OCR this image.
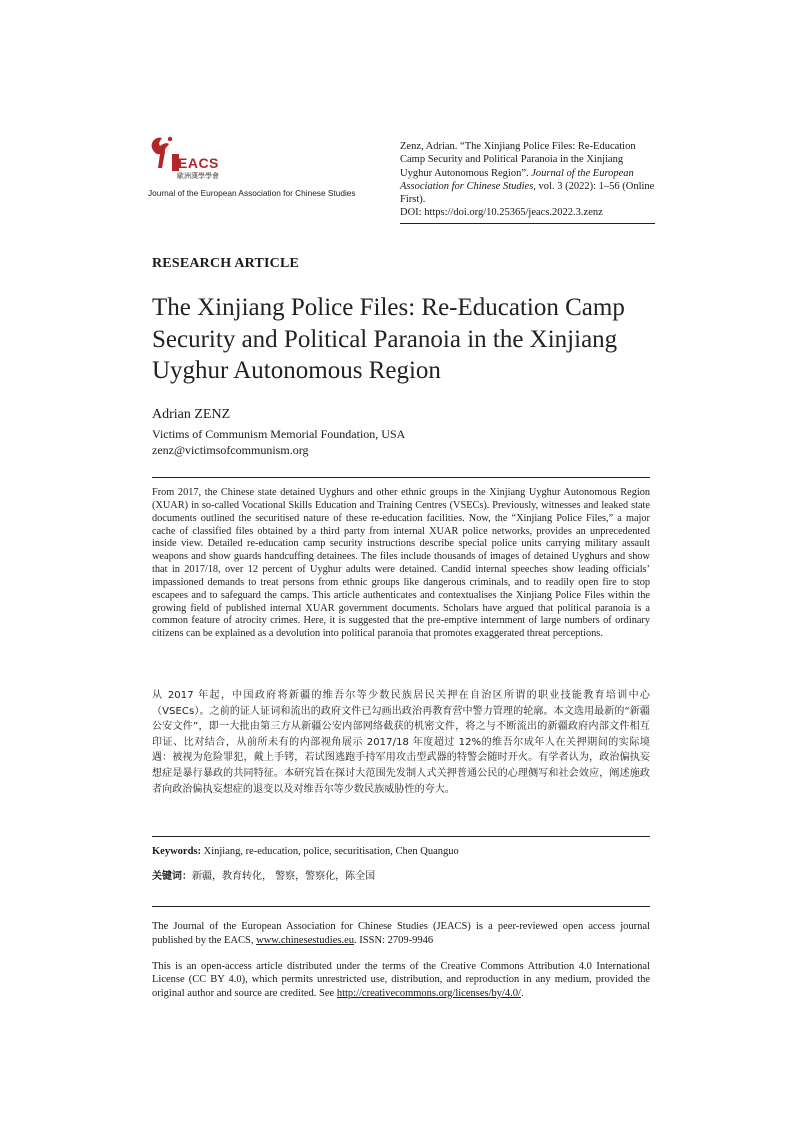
EACS
歐洲漢學學會
Journal of the European Association for Chinese Studies
Zenz, Adrian. “The Xinjiang Police Files: Re-Education Camp Security and Political Paranoia in the Xinjiang Uyghur Autonomous Region”. Journal of the European Association for Chinese Studies, vol. 3 (2022): 1–56 (Online First).
DOI: https://doi.org/10.25365/jeacs.2022.3.zenz
RESEARCH ARTICLE
The Xinjiang Police Files: Re-Education Camp Security and Political Paranoia in the Xinjiang Uyghur Autonomous Region
Adrian ZENZ
Victims of Communism Memorial Foundation, USA
zenz@victimsofcommunism.org
From 2017, the Chinese state detained Uyghurs and other ethnic groups in the Xinjiang Uyghur Autonomous Region (XUAR) in so-called Vocational Skills Education and Training Centres (VSECs). Previously, witnesses and leaked state documents outlined the securitised nature of these re-education facilities. Now, the “Xinjiang Police Files,” a major cache of classified files obtained by a third party from internal XUAR police networks, provides an unprecedented inside view. Detailed re-education camp security instructions describe special police units carrying military assault weapons and show guards handcuffing detainees. The files include thousands of images of detained Uyghurs and show that in 2017/18, over 12 percent of Uyghur adults were detained. Candid internal speeches show leading officials’ impassioned demands to treat persons from ethnic groups like dangerous criminals, and to readily open fire to stop escapees and to safeguard the camps. This article authenticates and contextualises the Xinjiang Police Files within the growing field of published internal XUAR government documents. Scholars have argued that political paranoia is a common feature of atrocity crimes. Here, it is suggested that the pre-emptive internment of large numbers of ordinary citizens can be explained as a devolution into political paranoia that promotes exaggerated threat perceptions.
从 2017 年起，中国政府将新疆的维吾尔等少数民族居民关押在自治区所谓的职业技能教育培训中心（VSECs）。之前的证人证词和流出的政府文件已勾画出政治再教育营中警力管理的轮廓。本文选用最新的“新疆公安文件”，即一大批由第三方从新疆公安内部网络截获的机密文件，将之与不断流出的新疆政府内部文件相互印证、比对结合，从前所未有的内部视角展示 2017/18 年度超过 12%的维吾尔成年人在关押期间的实际境遇：被视为危险罪犯，戴上手铐，若试图逃跑手持军用攻击型武器的特警会随时开火。有学者认为，政治偏执妄想症是暴行暴政的共同特征。本研究旨在探讨大范围先发制人式关押普通公民的心理侧写和社会效应，阐述施政者向政治偏执妄想症的退变以及对维吾尔等少数民族威胁性的夸大。
Keywords: Xinjiang, re-education, police, securitisation, Chen Quanguo
关键词：新疆，教育转化， 警察，警察化，陈全国
The Journal of the European Association for Chinese Studies (JEACS) is a peer-reviewed open access journal published by the EACS, www.chinesestudies.eu. ISSN: 2709-9946
This is an open-access article distributed under the terms of the Creative Commons Attribution 4.0 International License (CC BY 4.0), which permits unrestricted use, distribution, and reproduction in any medium, provided the original author and source are credited. See http://creativecommons.org/licenses/by/4.0/.
